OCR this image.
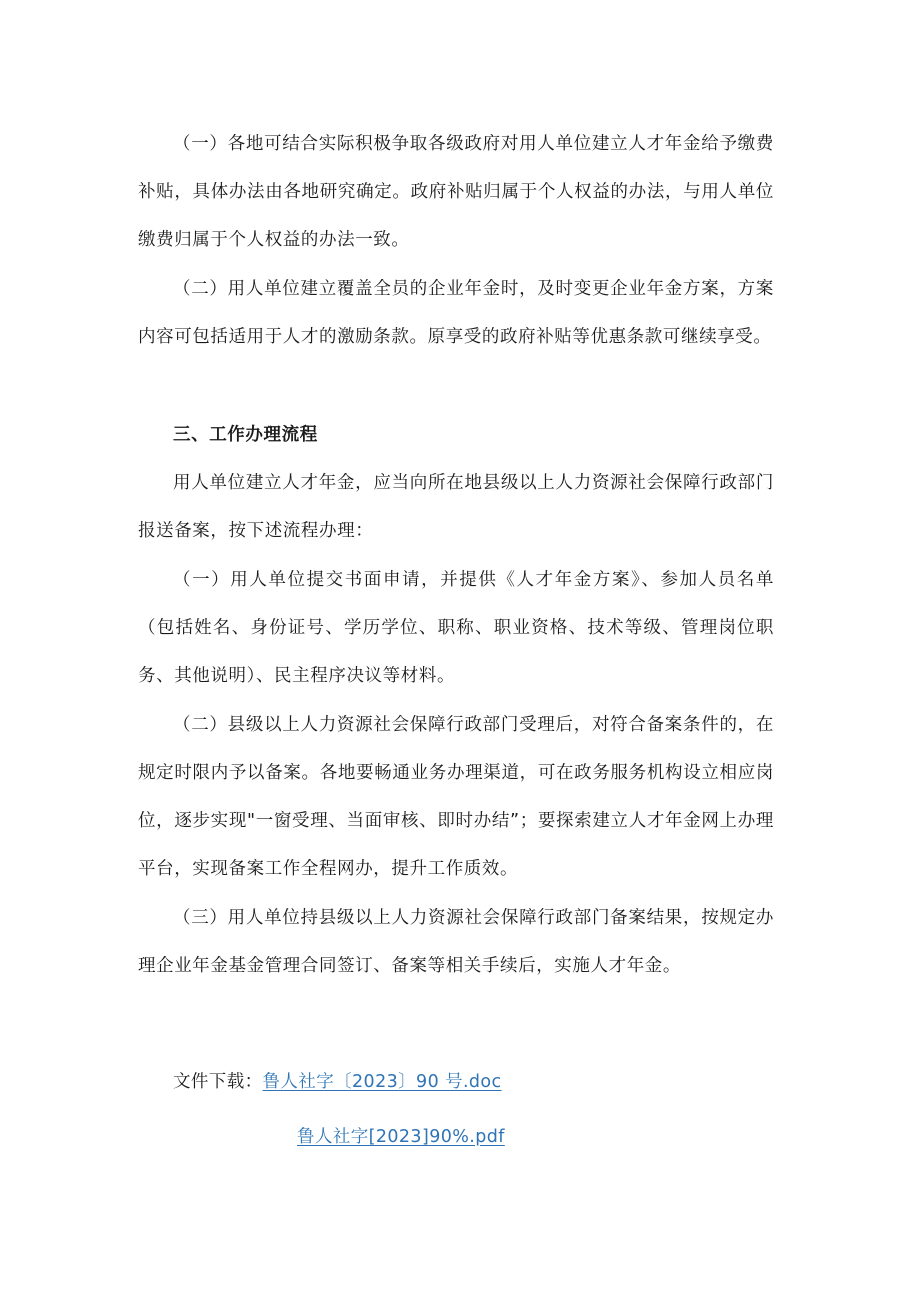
（一）各地可结合实际积极争取各级政府对用人单位建立人才年金给予缴费补贴，具体办法由各地研究确定。政府补贴归属于个人权益的办法，与用人单位缴费归属于个人权益的办法一致。

（二）用人单位建立覆盖全员的企业年金时，及时变更企业年金方案，方案内容可包括适用于人才的激励条款。原享受的政府补贴等优惠条款可继续享受。

三、工作办理流程

用人单位建立人才年金，应当向所在地县级以上人力资源社会保障行政部门报送备案，按下述流程办理：

（一）用人单位提交书面申请，并提供《人才年金方案》、参加人员名单（包括姓名、身份证号、学历学位、职称、职业资格、技术等级、管理岗位职务、其他说明）、民主程序决议等材料。

（二）县级以上人力资源社会保障行政部门受理后，对符合备案条件的，在规定时限内予以备案。各地要畅通业务办理渠道，可在政务服务机构设立相应岗位，逐步实现"一窗受理、当面审核、即时办结”；要探索建立人才年金网上办理平台，实现备案工作全程网办，提升工作质效。

（三）用人单位持县级以上人力资源社会保障行政部门备案结果，按规定办理企业年金基金管理合同签订、备案等相关手续后，实施人才年金。

文件下载：鲁人社字〔2023〕90 号.doc
鲁人社字[2023]90%.pdf
